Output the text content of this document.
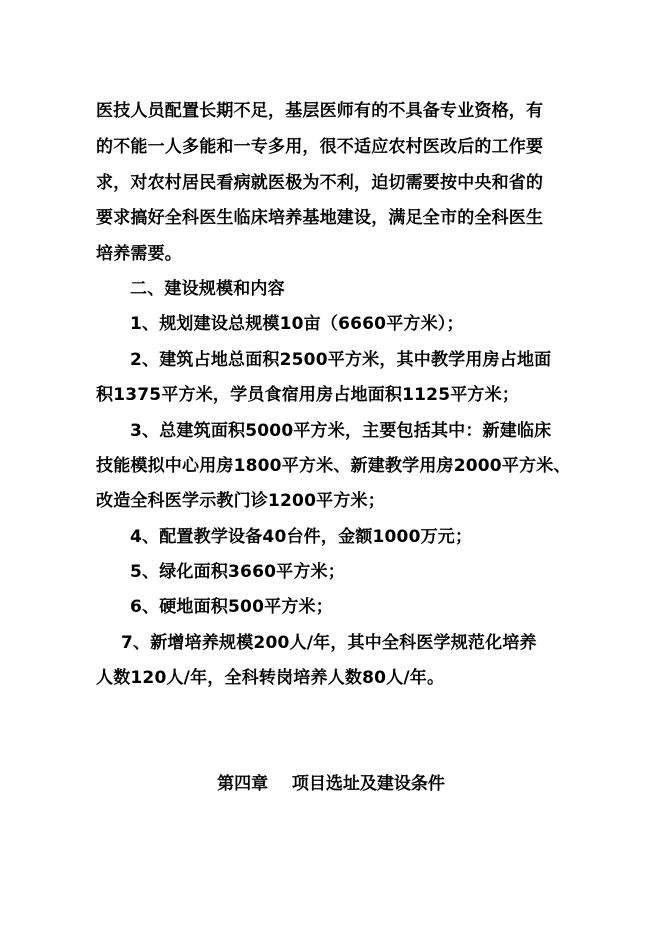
医技人员配置长期不足，基层医师有的不具备专业资格，有
的不能一人多能和一专多用，很不适应农村医改后的工作要
求，对农村居民看病就医极为不利，迫切需要按中央和省的
要求搞好全科医生临床培养基地建设，满足全市的全科医生
培养需要。
二、建设规模和内容
1、规划建设总规模10亩（6660平方米）；
2、建筑占地总面积2500平方米，其中教学用房占地面
积1375平方米，学员食宿用房占地面积1125平方米；
3、总建筑面积5000平方米，主要包括其中：新建临床
技能模拟中心用房1800平方米、新建教学用房2000平方米、
改造全科医学示教门诊1200平方米；
4、配置教学设备40台件，金额1000万元；
5、绿化面积3660平方米；
6、硬地面积500平方米；
7、新增培养规模200人/年，其中全科医学规范化培养
人数120人/年，全科转岗培养人数80人/年。
第四章    项目选址及建设条件
